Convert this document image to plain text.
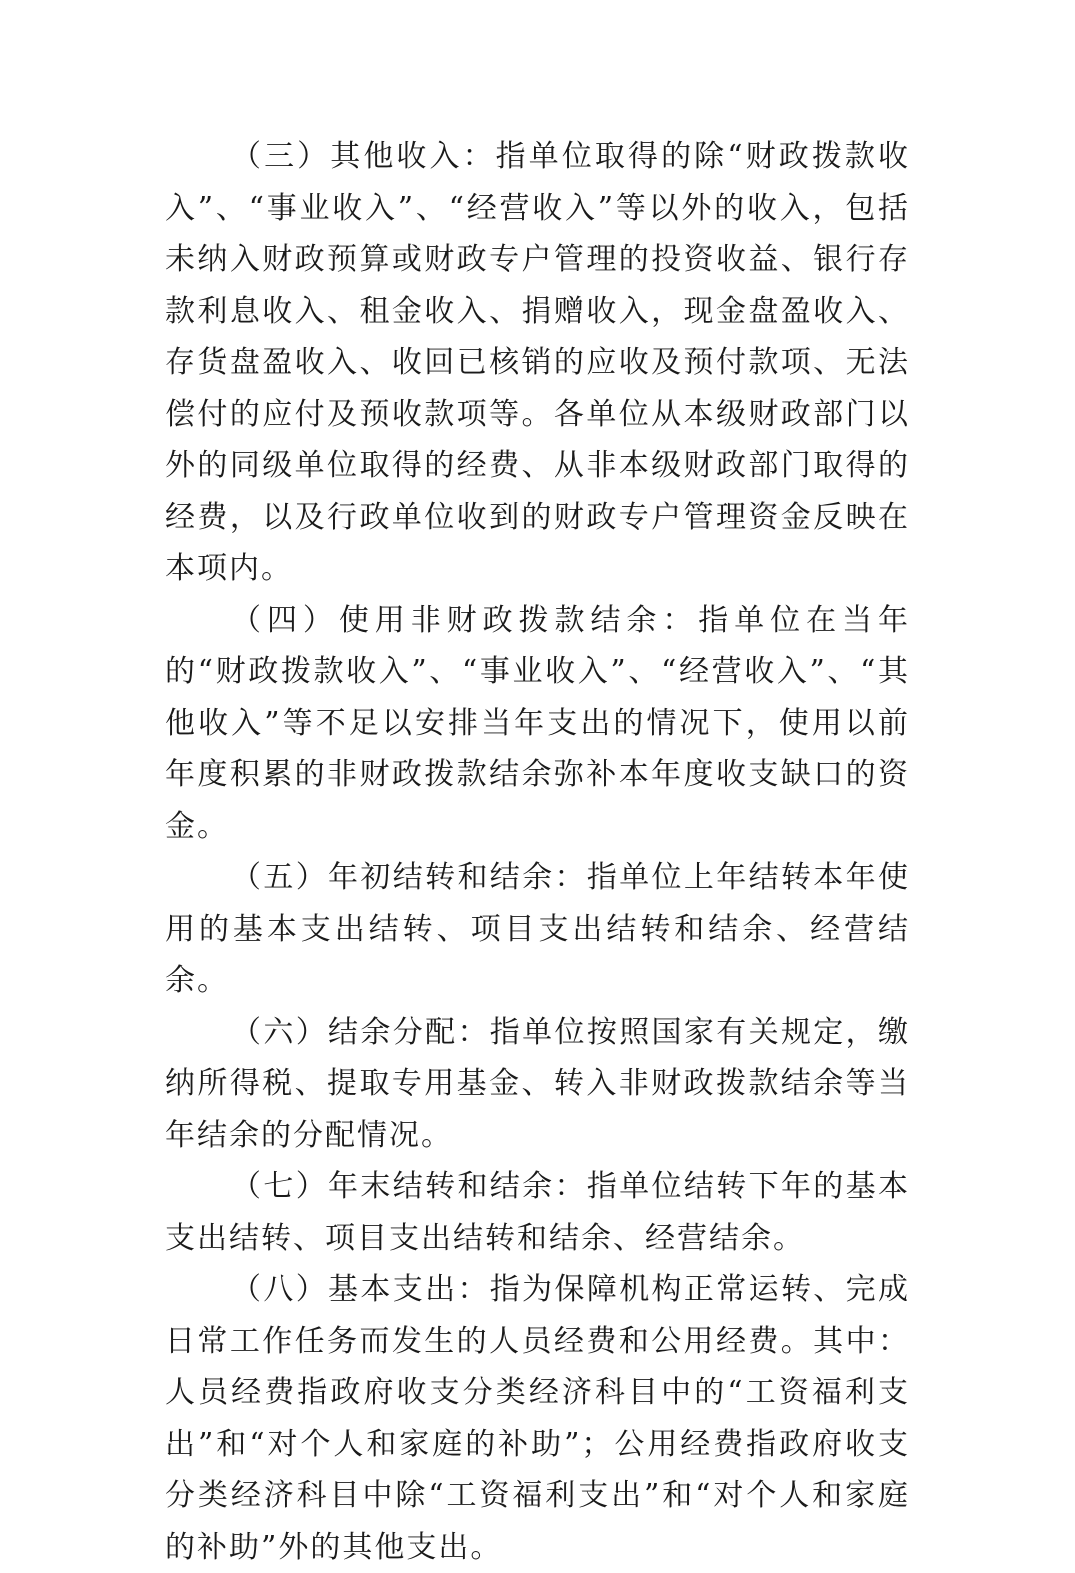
（三）其他收入：指单位取得的除“财政拨款收入”、“事业收入”、“经营收入”等以外的收入，包括未纳入财政预算或财政专户管理的投资收益、银行存款利息收入、租金收入、捐赠收入，现金盘盈收入、存货盘盈收入、收回已核销的应收及预付款项、无法偿付的应付及预收款项等。各单位从本级财政部门以外的同级单位取得的经费、从非本级财政部门取得的经费，以及行政单位收到的财政专户管理资金反映在本项内。

（四）使用非财政拨款结余：指单位在当年的“财政拨款收入”、“事业收入”、“经营收入”、“其他收入”等不足以安排当年支出的情况下，使用以前年度积累的非财政拨款结余弥补本年度收支缺口的资金。

（五）年初结转和结余：指单位上年结转本年使用的基本支出结转、项目支出结转和结余、经营结余。

（六）结余分配：指单位按照国家有关规定，缴纳所得税、提取专用基金、转入非财政拨款结余等当年结余的分配情况。

（七）年末结转和结余：指单位结转下年的基本支出结转、项目支出结转和结余、经营结余。

（八）基本支出：指为保障机构正常运转、完成日常工作任务而发生的人员经费和公用经费。其中：人员经费指政府收支分类经济科目中的“工资福利支出”和“对个人和家庭的补助”；公用经费指政府收支分类经济科目中除“工资福利支出”和“对个人和家庭的补助”外的其他支出。
